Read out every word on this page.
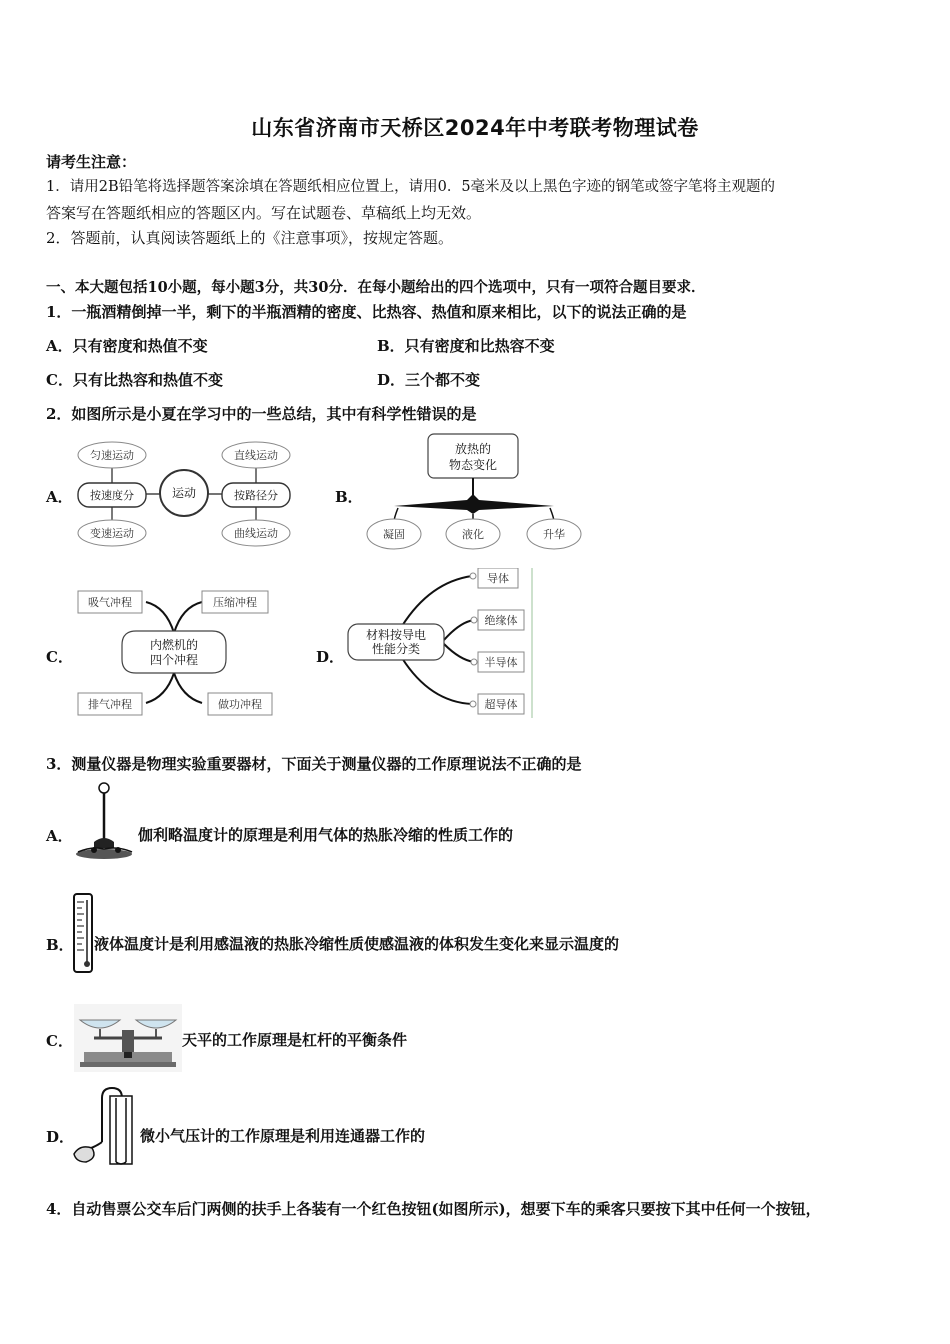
山东省济南市天桥区2024年中考联考物理试卷
请考生注意：
1．请用2B铅笔将选择题答案涂填在答题纸相应位置上，请用0．5毫米及以上黑色字迹的钢笔或签字笔将主观题的
答案写在答题纸相应的答题区内。写在试题卷、草稿纸上均无效。
2．答题前，认真阅读答题纸上的《注意事项》，按规定答题。
一、本大题包括10小题，每小题3分，共30分．在每小题给出的四个选项中，只有一项符合题目要求．
1．一瓶酒精倒掉一半，剩下的半瓶酒精的密度、比热容、热值和原来相比，以下的说法正确的是
A．只有密度和热值不变	B．只有密度和比热容不变
C．只有比热容和热值不变	D．三个都不变
2．如图所示是小夏在学习中的一些总结，其中有科学性错误的是
A．
匀速运动
变速运动
直线运动
曲线运动
按速度分	按路径分
运动	B．
放热的
物态变化
凝固	液化	升华
C．
吸气冲程	压缩冲程
排气冲程	做功冲程
内燃机的
四个冲程	D．
材料按导电
性能分类
导体
绝缘体
半导体
超导体
3．测量仪器是物理实验重要器材，下面关于测量仪器的工作原理说法不正确的是
A．	伽利略温度计的原理是利用气体的热胀冷缩的性质工作的
B． 液体温度计是利用感温液的热胀冷缩性质使感温液的体积发生变化来显示温度的
C．	天平的工作原理是杠杆的平衡条件
D．	微小气压计的工作原理是利用连通器工作的
4．自动售票公交车后门两侧的扶手上各装有一个红色按钮(如图所示)，想要下车的乘客只要按下其中任何一个按钮，
